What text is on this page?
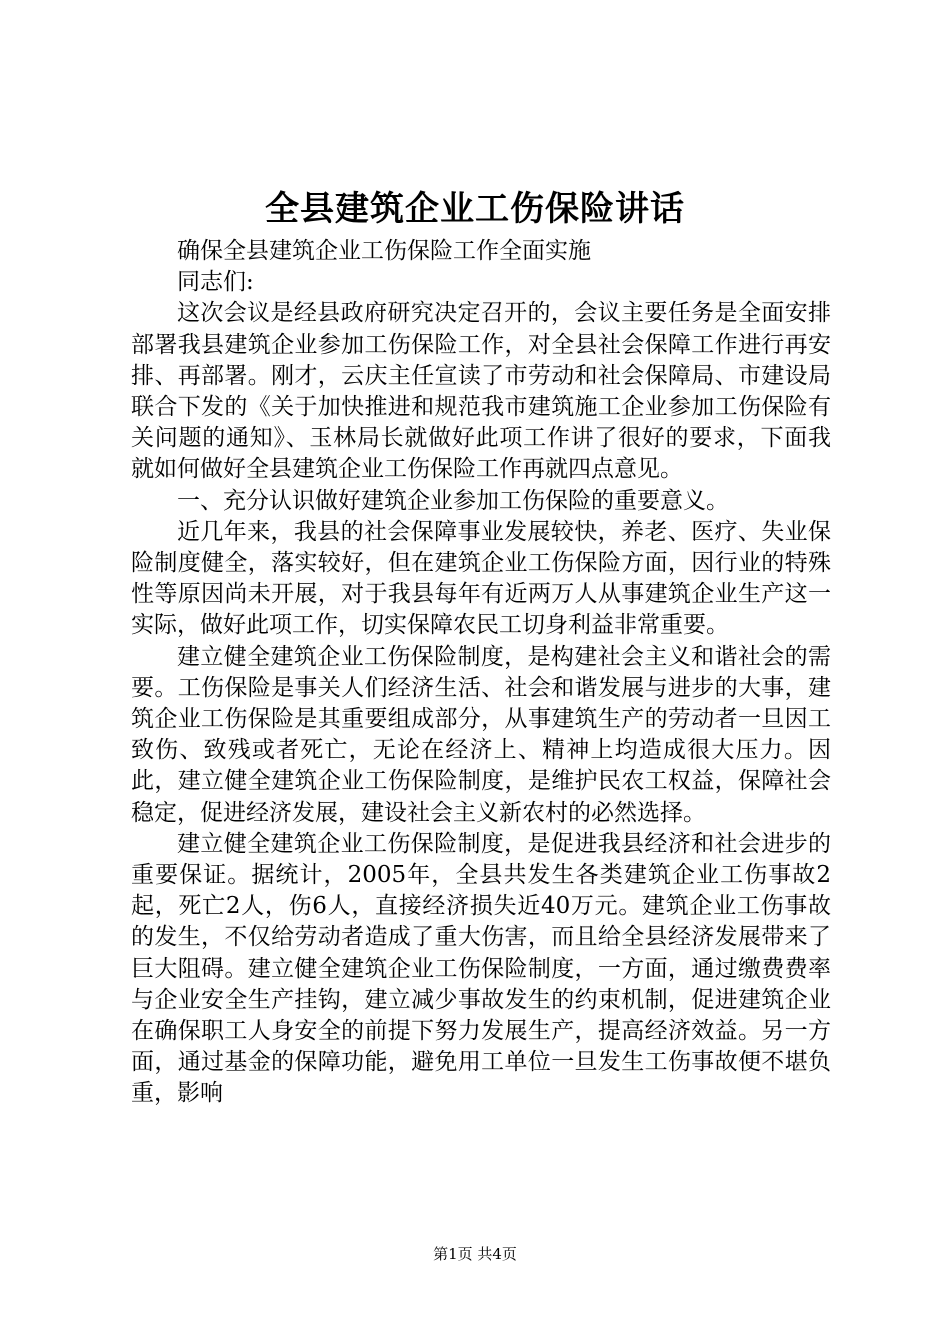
全县建筑企业工伤保险讲话

确保全县建筑企业工伤保险工作全面实施

同志们:

这次会议是经县政府研究决定召开的，会议主要任务是全面安排部署我县建筑企业参加工伤保险工作，对全县社会保障工作进行再安排、再部署。刚才，云庆主任宣读了市劳动和社会保障局、市建设局联合下发的《关于加快推进和规范我市建筑施工企业参加工伤保险有关问题的通知》、玉林局长就做好此项工作讲了很好的要求，下面我就如何做好全县建筑企业工伤保险工作再就四点意见。

一、充分认识做好建筑企业参加工伤保险的重要意义。

近几年来，我县的社会保障事业发展较快，养老、医疗、失业保险制度健全，落实较好，但在建筑企业工伤保险方面，因行业的特殊性等原因尚未开展，对于我县每年有近两万人从事建筑企业生产这一实际，做好此项工作，切实保障农民工切身利益非常重要。

建立健全建筑企业工伤保险制度，是构建社会主义和谐社会的需要。工伤保险是事关人们经济生活、社会和谐发展与进步的大事，建筑企业工伤保险是其重要组成部分，从事建筑生产的劳动者一旦因工致伤、致残或者死亡，无论在经济上、精神上均造成很大压力。因此，建立健全建筑企业工伤保险制度，是维护民农工权益，保障社会稳定，促进经济发展，建设社会主义新农村的必然选择。

建立健全建筑企业工伤保险制度，是促进我县经济和社会进步的重要保证。据统计，2005年，全县共发生各类建筑企业工伤事故2起，死亡2人，伤6人，直接经济损失近40万元。建筑企业工伤事故的发生，不仅给劳动者造成了重大伤害，而且给全县经济发展带来了巨大阻碍。建立健全建筑企业工伤保险制度，一方面，通过缴费费率与企业安全生产挂钩，建立减少事故发生的约束机制，促进建筑企业在确保职工人身安全的前提下努力发展生产，提高经济效益。另一方面，通过基金的保障功能，避免用工单位一旦发生工伤事故便不堪负重，影响

第1页 共4页
